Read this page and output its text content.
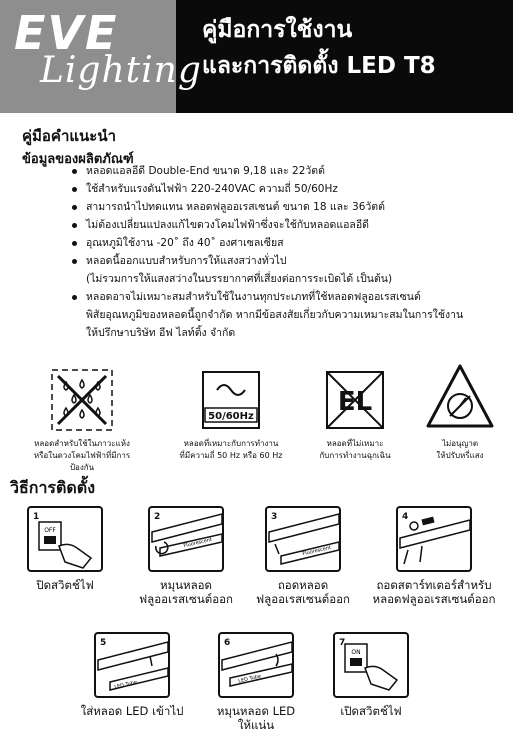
EVE
Lighting
คู่มือการใช้งาน
และการติดตั้ง LED T8
คู่มือคำแนะนำ
ข้อมูลของผลิตภัณฑ์
หลอดแอลอีดี Double-End ขนาด 9,18 และ 22วัตต์
ใช้สำหรับแรงดันไฟฟ้า 220-240VAC ความถี่ 50/60Hz
สามารถนำไปทดแทน หลอดฟลูออเรสเซนต์ ขนาด 18 และ 36วัตต์
ไม่ต้องเปลี่ยนแปลงแก้ไขดวงโคมไฟฟ้าซึ่งจะใช้กับหลอดแอลอีดี
อุณหภูมิใช้งาน -20˚ ถึง 40˚ องศาเซลเซียส
หลอดนี้ออกแบบสำหรับการให้แสงสว่างทั่วไป
(ไม่รวมการให้แสงสว่างในบรรยากาศที่เสี่ยงต่อการระเบิดได้ เป็นต้น)
หลอดอาจไม่เหมาะสมสำหรับใช้ในงานทุกประเภทที่ใช้หลอดฟลูออเรสเซนต์
พิสัยอุณหภูมิของหลอดนี้ถูกจำกัด หากมีข้อสงสัยเกี่ยวกับความเหมาะสมในการใช้งาน
ให้ปรึกษาบริษัท อีฟ ไลท์ติ้ง จำกัด
หลอดสำหรับใช้ในภาวะแห้ง
หรือในดวงโคมไฟฟ้าที่มีการป้องกัน
50/60Hz
หลอดที่เหมาะกับการทำงาน
ที่มีความถี่ 50 Hz หรือ 60 Hz
EL
หลอดที่ไม่เหมาะ
กับการทำงานฉุกเฉิน
ไม่อนุญาต
ให้ปรับหรี่แสง
วิธีการติดตั้ง
1
OFF
ปิดสวิตช์ไฟ
2
Fluorescent
หมุนหลอด
ฟลูออเรสเซนต์ออก
3
Fluorescent
ถอดหลอด
ฟลูออเรสเซนต์ออก
4
ถอดสตาร์ทเตอร์สำหรับ
หลอดฟลูออเรสเซนต์ออก
5
LED Tube
ใส่หลอด LED เข้าไป
6
LED Tube
หมุนหลอด LED
ให้แน่น
7
ON
เปิดสวิตช์ไฟ
